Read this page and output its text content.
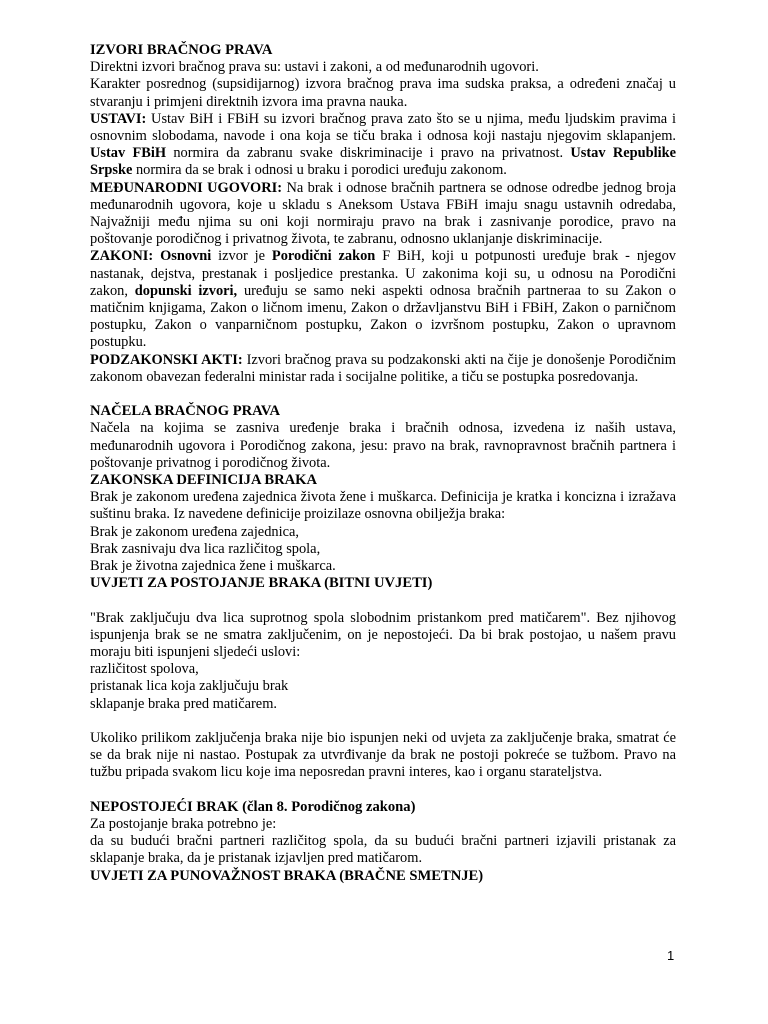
IZVORI BRAČNOG PRAVA

Direktni izvori bračnog prava su: ustavi i zakoni, a od međunarodnih ugovori.

Karakter posrednog (supsidijarnog) izvora bračnog prava ima sudska praksa, a određeni značaj u stvaranju i primjeni direktnih izvora ima pravna nauka.

USTAVI: Ustav BiH i FBiH su izvori bračnog prava zato što se u njima, među ljudskim pravima i osnovnim slobodama, navode i ona koja se tiču braka i odnosa koji nastaju njegovim sklapanjem. Ustav FBiH normira da zabranu svake diskriminacije i pravo na privatnost. Ustav Republike Srpske normira da se brak i odnosi u braku i porodici uređuju zakonom.

MEĐUNARODNI UGOVORI: Na brak i odnose bračnih partnera se odnose odredbe jednog broja međunarodnih ugovora, koje u skladu s Aneksom Ustava FBiH imaju snagu ustavnih odredaba, Najvažniji među njima su oni koji normiraju pravo na brak i zasnivanje porodice, pravo na poštovanje porodičnog i privatnog života, te zabranu, odnosno uklanjanje diskriminacije.

ZAKONI: Osnovni izvor je Porodični zakon F BiH, koji u potpunosti uređuje brak - njegov nastanak, dejstva, prestanak i posljedice prestanka. U zakonima koji su, u odnosu na Porodični zakon, dopunski izvori, uređuju se samo neki aspekti odnosa bračnih partneraa to su Zakon o matičnim knjigama, Zakon o ličnom imenu, Zakon o državljanstvu BiH i FBiH, Zakon o parničnom postupku, Zakon o vanparničnom postupku, Zakon o izvršnom postupku, Zakon o upravnom postupku.

PODZAKONSKI AKTI: Izvori bračnog prava su podzakonski akti na čije je donošenje Porodičnim zakonom obavezan federalni ministar rada i socijalne politike, a tiču se postupka posredovanja.

NAČELA BRAČNOG PRAVA

Načela na kojima se zasniva uređenje braka i bračnih odnosa, izvedena iz naših ustava, međunarodnih ugovora i Porodičnog zakona, jesu: pravo na brak, ravnopravnost bračnih partnera i poštovanje privatnog i porodičnog života.

ZAKONSKA DEFINICIJA BRAKA

Brak je zakonom uređena zajednica života žene i muškarca. Definicija je kratka i koncizna i izražava suštinu braka. Iz navedene definicije proizilaze osnovna obilježja braka:

Brak je zakonom uređena zajednica,

Brak zasnivaju dva lica različitog spola,

Brak je životna zajednica žene i muškarca.

UVJETI ZA POSTOJANJE BRAKA (BITNI UVJETI)

"Brak zaključuju dva lica suprotnog spola slobodnim pristankom pred matičarem". Bez njihovog ispunjenja brak se ne smatra zaključenim, on je nepostojeći. Da bi brak postojao, u našem pravu moraju biti ispunjeni sljedeći uslovi:

različitost spolova,

pristanak lica koja zaključuju brak

sklapanje braka pred matičarem.

Ukoliko prilikom zaključenja braka nije bio ispunjen neki od uvjeta za zaključenje braka, smatrat će se da brak nije ni nastao. Postupak za utvrđivanje da brak ne postoji pokreće se tužbom. Pravo na tužbu pripada svakom licu koje ima neposredan pravni interes, kao i organu starateljstva.

NEPOSTOJEĆI BRAK (član 8. Porodičnog zakona)

Za postojanje braka potrebno je:

da su budući bračni partneri različitog spola, da su budući bračni partneri izjavili pristanak za sklapanje braka, da je pristanak izjavljen pred matičarom.

UVJETI ZA PUNOVAŽNOST BRAKA (BRAČNE SMETNJE)
1
